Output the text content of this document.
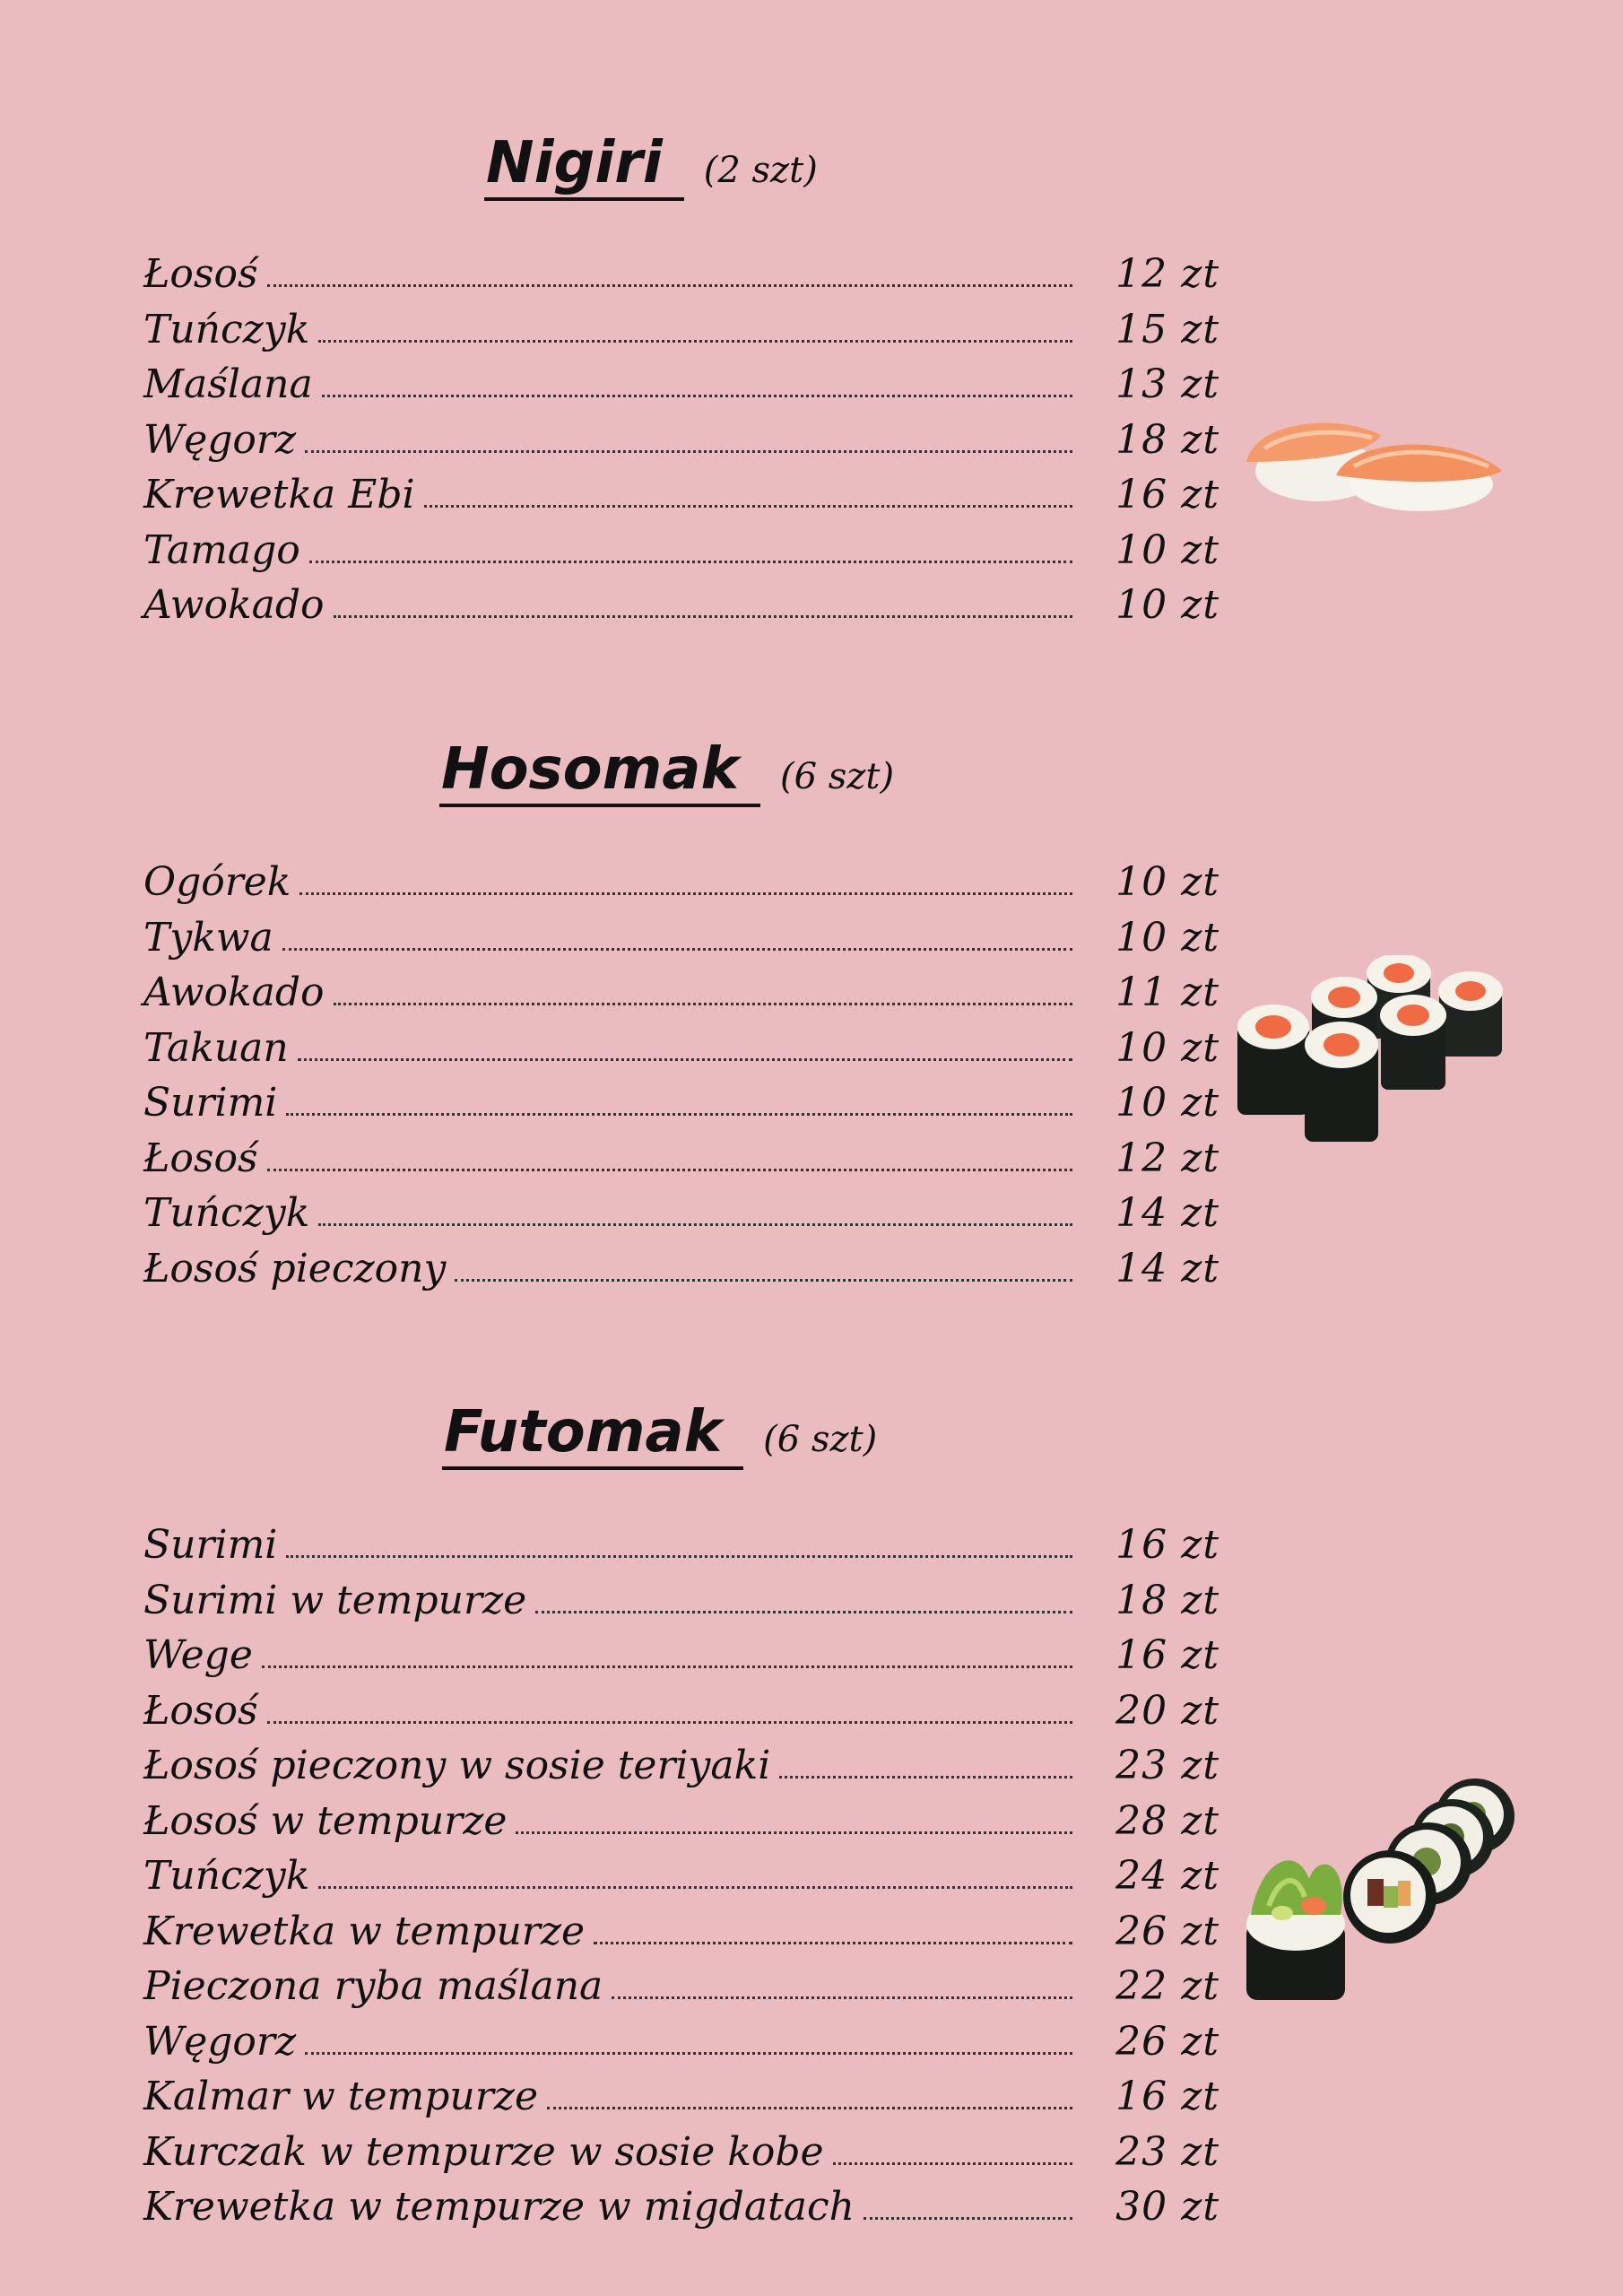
Nigiri	(2 szt)
Łosoś	12 zt
Tuńczyk	15 zt
Maślana	13 zt
Węgorz	18 zt
Krewetka Ebi	16 zt
Tamago	10 zt
Awokado	10 zt
Hosomak	(6 szt)
Ogórek	10 zt
Tykwa	10 zt
Awokado	11 zt
Takuan	10 zt
Surimi	10 zt
Łosoś	12 zt
Tuńczyk	14 zt
Łosoś pieczony	14 zt
Futomak	(6 szt)
Surimi	16 zt
Surimi w tempurze	18 zt
Wege	16 zt
Łosoś	20 zt
Łosoś pieczony w sosie teriyaki	23 zt
Łosoś w tempurze	28 zt
Tuńczyk	24 zt
Krewetka w tempurze	26 zt
Pieczona ryba maślana	22 zt
Węgorz	26 zt
Kalmar w tempurze	16 zt
Kurczak w tempurze w sosie kobe	23 zt
Krewetka w tempurze w migdatach	30 zt
